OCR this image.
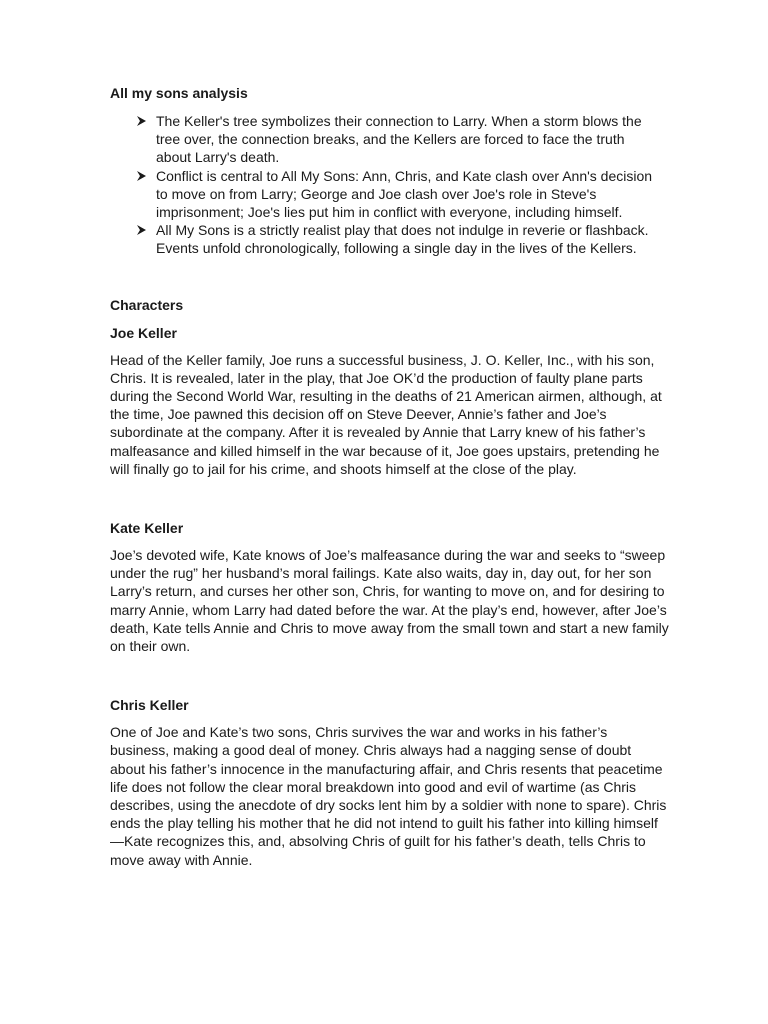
All my sons analysis
The Keller's tree symbolizes their connection to Larry. When a storm blows the tree over, the connection breaks, and the Kellers are forced to face the truth about Larry's death.
Conflict is central to All My Sons: Ann, Chris, and Kate clash over Ann's decision to move on from Larry; George and Joe clash over Joe's role in Steve's imprisonment; Joe's lies put him in conflict with everyone, including himself.
All My Sons is a strictly realist play that does not indulge in reverie or flashback. Events unfold chronologically, following a single day in the lives of the Kellers.
Characters
Joe Keller

Head of the Keller family, Joe runs a successful business, J. O. Keller, Inc., with his son, Chris. It is revealed, later in the play, that Joe OK’d the production of faulty plane parts during the Second World War, resulting in the deaths of 21 American airmen, although, at the time, Joe pawned this decision off on Steve Deever, Annie’s father and Joe’s subordinate at the company. After it is revealed by Annie that Larry knew of his father’s malfeasance and killed himself in the war because of it, Joe goes upstairs, pretending he will finally go to jail for his crime, and shoots himself at the close of the play.

Kate Keller

Joe’s devoted wife, Kate knows of Joe’s malfeasance during the war and seeks to “sweep under the rug” her husband’s moral failings. Kate also waits, day in, day out, for her son Larry’s return, and curses her other son, Chris, for wanting to move on, and for desiring to marry Annie, whom Larry had dated before the war. At the play’s end, however, after Joe’s death, Kate tells Annie and Chris to move away from the small town and start a new family on their own.

Chris Keller

One of Joe and Kate’s two sons, Chris survives the war and works in his father’s business, making a good deal of money. Chris always had a nagging sense of doubt about his father’s innocence in the manufacturing affair, and Chris resents that peacetime life does not follow the clear moral breakdown into good and evil of wartime (as Chris describes, using the anecdote of dry socks lent him by a soldier with none to spare). Chris ends the play telling his mother that he did not intend to guilt his father into killing himself—Kate recognizes this, and, absolving Chris of guilt for his father’s death, tells Chris to move away with Annie.
